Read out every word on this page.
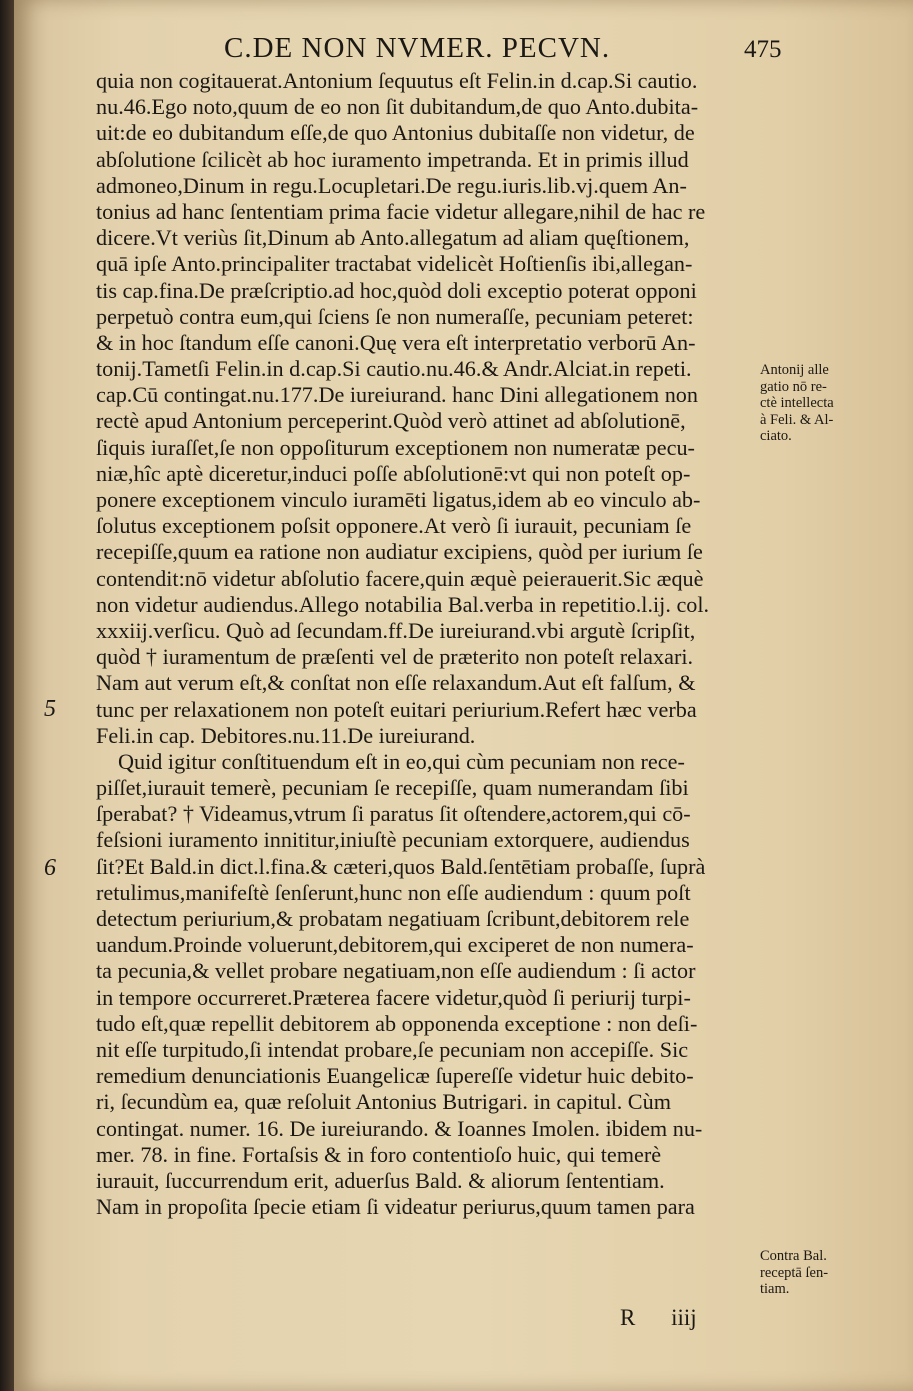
C.DE NON NVMER. PECVN.	475
quia non cogitauerat.Antonium ſequutus eſt Felin.in d.cap.Si cautio.
nu.46.Ego noto,quum de eo non ſit dubitandum,de quo Anto.dubita-
uit:de eo dubitandum eſſe,de quo Antonius dubitaſſe non videtur, de
abſolutione ſcilicèt ab hoc iuramento impetranda. Et in primis illud
admoneo,Dinum in regu.Locupletari.De regu.iuris.lib.vj.quem An-
tonius ad hanc ſententiam prima facie videtur allegare,nihil de hac re
dicere.Vt veriùs ſit,Dinum ab Anto.allegatum ad aliam quęſtionem,
quā ipſe Anto.principaliter tractabat videlicèt Hoſtienſis ibi,allegan-
tis cap.fina.De præſcriptio.ad hoc,quòd doli exceptio poterat opponi
perpetuò contra eum,qui ſciens ſe non numeraſſe, pecuniam peteret:
& in hoc ſtandum eſſe canoni.Quę vera eſt interpretatio verborū An-
tonij.Tametſi Felin.in d.cap.Si cautio.nu.46.& Andr.Alciat.in repeti.
cap.Cū contingat.nu.177.De iureiurand. hanc Dini allegationem non
rectè apud Antonium perceperint.Quòd verò attinet ad abſolutionē,
ſiquis iuraſſet,ſe non oppoſiturum exceptionem non numeratæ pecu-
niæ,hîc aptè diceretur,induci poſſe abſolutionē:vt qui non poteſt op-
ponere exceptionem vinculo iuramēti ligatus,idem ab eo vinculo ab-
ſolutus exceptionem poſsit opponere.At verò ſi iurauit, pecuniam ſe
recepiſſe,quum ea ratione non audiatur excipiens, quòd per iurium ſe
contendit:nō videtur abſolutio facere,quin æquè peierauerit.Sic æquè
non videtur audiendus.Allego notabilia Bal.verba in repetitio.l.ij. col.
xxxiij.verſicu. Quò ad ſecundam.ff.De iureiurand.vbi argutè ſcripſit,
quòd † iuramentum de præſenti vel de præterito non poteſt relaxari.
Nam aut verum eſt,& conſtat non eſſe relaxandum.Aut eſt falſum, &
tunc per relaxationem non poteſt euitari periurium.Refert hæc verba
Feli.in cap. Debitores.nu.11.De iureiurand.
Quid igitur conſtituendum eſt in eo,qui cùm pecuniam non rece-
piſſet,iurauit temerè, pecuniam ſe recepiſſe, quam numerandam ſibi
ſperabat? † Videamus,vtrum ſi paratus ſit oſtendere,actorem,qui cō-
feſsioni iuramento innititur,iniuſtè pecuniam extorquere, audiendus
ſit?Et Bald.in dict.l.fina.& cæteri,quos Bald.ſentētiam probaſſe, ſuprà
retulimus,manifeſtè ſenſerunt,hunc non eſſe audiendum : quum poſt
detectum periurium,& probatam negatiuam ſcribunt,debitorem rele
uandum.Proinde voluerunt,debitorem,qui exciperet de non numera-
ta pecunia,& vellet probare negatiuam,non eſſe audiendum : ſi actor
in tempore occurreret.Præterea facere videtur,quòd ſi periurij turpi-
tudo eſt,quæ repellit debitorem ab opponenda exceptione : non deſi-
nit eſſe turpitudo,ſi intendat probare,ſe pecuniam non accepiſſe. Sic
remedium denunciationis Euangelicæ ſupereſſe videtur huic debito-
ri, ſecundùm ea, quæ reſoluit Antonius Butrigari. in capitul. Cùm
contingat. numer. 16. De iureiurando. & Ioannes Imolen. ibidem nu-
mer. 78. in fine. Fortaſsis & in foro contentioſo huic, qui temerè
iurauit, ſuccurrendum erit, aduerſus Bald. & aliorum ſententiam.
Nam in propoſita ſpecie etiam ſi videatur periurus,quum tamen para
Antonij alle
gatio nō re-
ctè intellecta
à Feli. & Al-
ciato.
Contra Bal.
receptā ſen-
tiam.
5
6
R iiij
